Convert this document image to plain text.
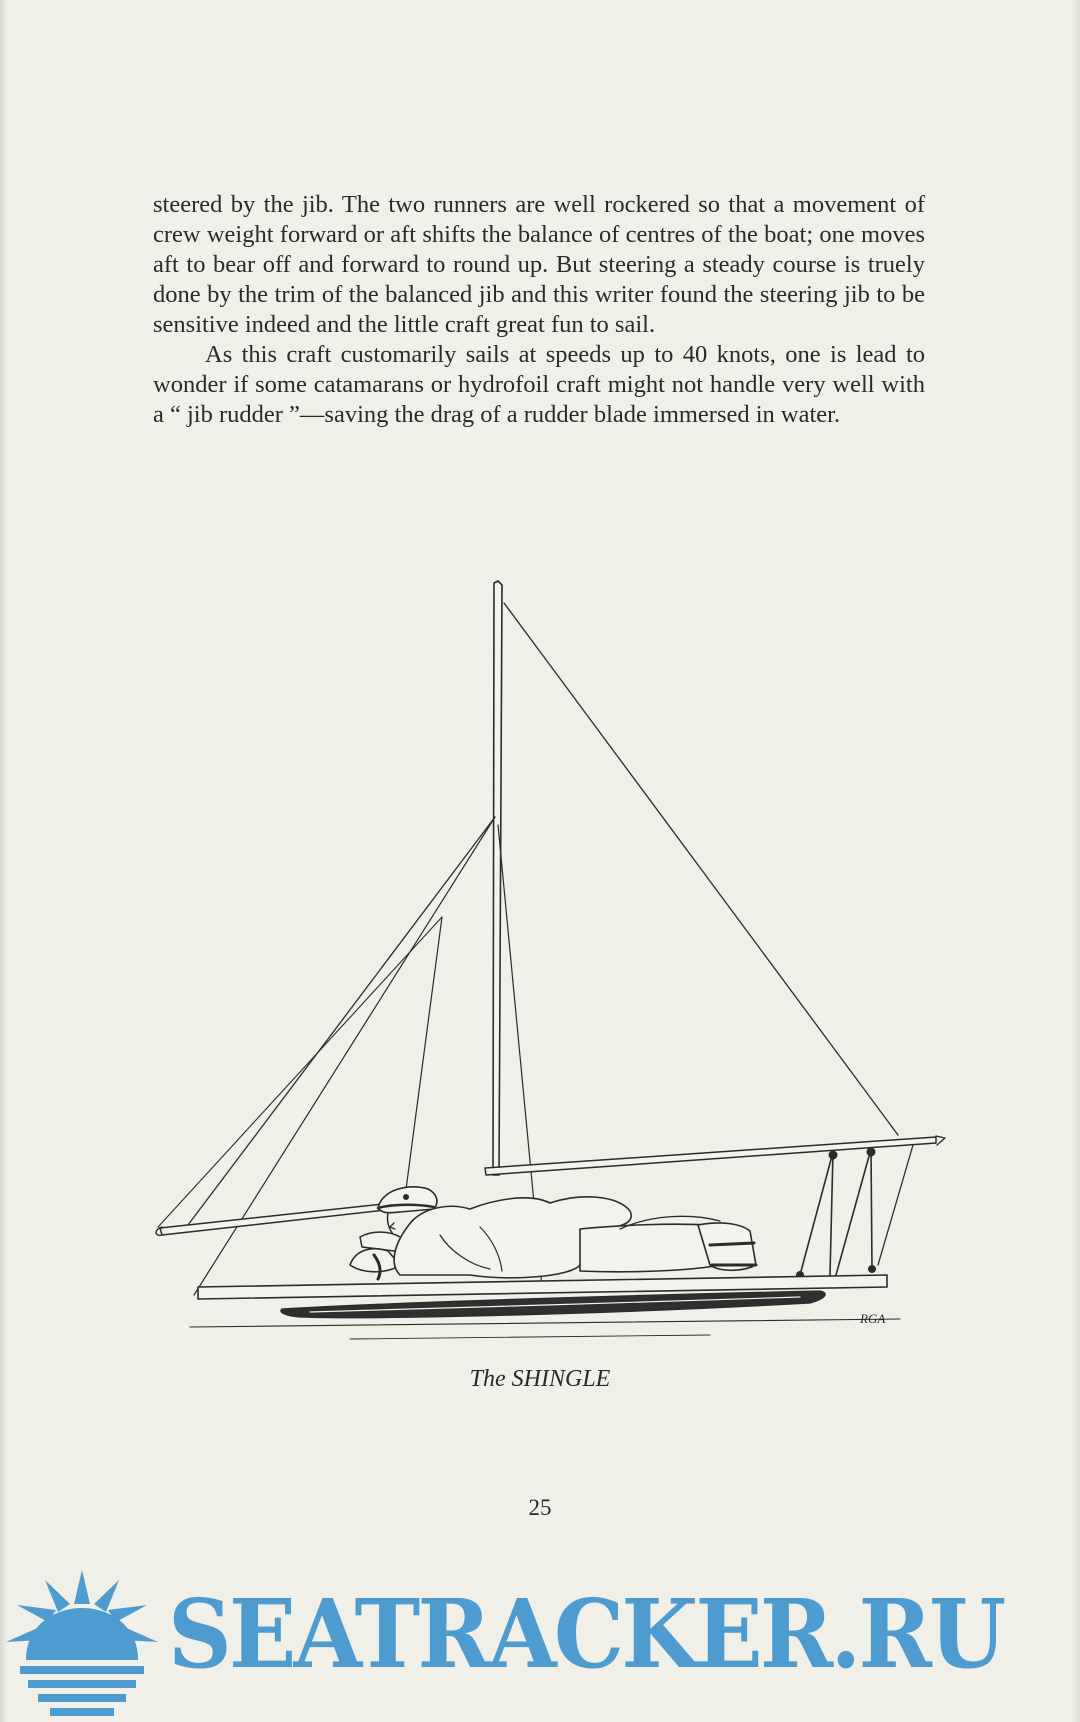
steered by the jib. The two runners are well rockered so that a movement of crew weight forward or aft shifts the balance of centres of the boat; one moves aft to bear off and forward to round up. But steering a steady course is truely done by the trim of the balanced jib and this writer found the steering jib to be sensitive indeed and the little craft great fun to sail.

As this craft customarily sails at speeds up to 40 knots, one is lead to wonder if some catamarans or hydrofoil craft might not handle very well with a “ jib rudder ”—saving the drag of a rudder blade immersed in water.

RGA
The SHINGLE
25
SEATRACKER.RU
